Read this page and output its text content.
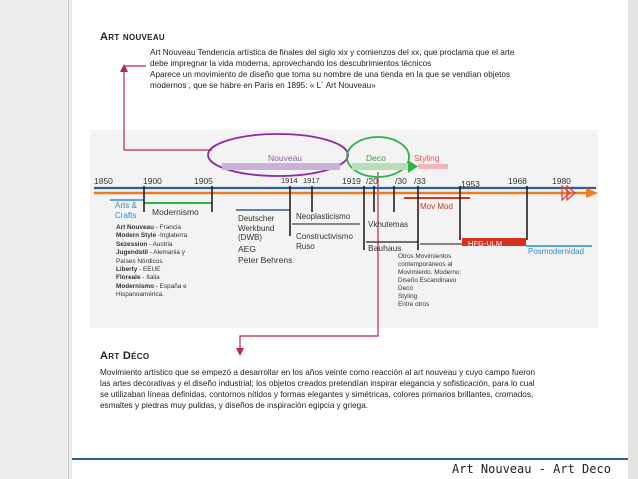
Art nouveau
Art Nouveau Tendencia artística de finales del siglo xix y comienzos del xx, que proclama que el arte
debe impregnar la vida moderna, aprovechando los descubrimientos técnicos
Aparece un movimiento de diseño que toma su nombre de una tienda en la que se vendían objetos
modernos , que se habre en Paris en 1895: « L´ Art Nouveau»
Nouveau	Deco	Styling
1850	1900	1905	1914 1917	1919 /20 /30 /33	1953	1968	1980
Arts &
Crafts Modernismo
Mov Mod
Deutscher
Werkbund
(DWB)
AEG
Peter Behrens
Neoplasticismo
Constructivismo
Ruso
Vkhutemas
Bauhaus	HFG-ULM
Posmodernidad
Otros Movimientos
contemporáneos al
Movimiento. Moderno:
Diseño Escandinavo
Decó
Styling
Entre otros
Art Nouveau - Francia
Modern Style -Inglaterra
Sezession - Austria
Jugendstil - Alemania y
Países Nórdicos
Liberty - EEUE
Floreale - Italia
Modernismo - España e
Hispanoamérica.
Art Déco
Movimiento artístico que se empezó a desarrollar en los años veinte como reacción al art nouveau y cuyo campo fueron
las artes decorativas y el diseño industrial; los objetos creados pretendían inspirar elegancia y sofisticación, para lo cual
se utilizaban líneas definidas, contornos nítidos y formas elegantes y simétricas, colores primarios brillantes, cromados,
esmaltes y piedras muy pulidas, y diseños de inspiración egipcia y griega.
Art Nouveau - Art Deco
